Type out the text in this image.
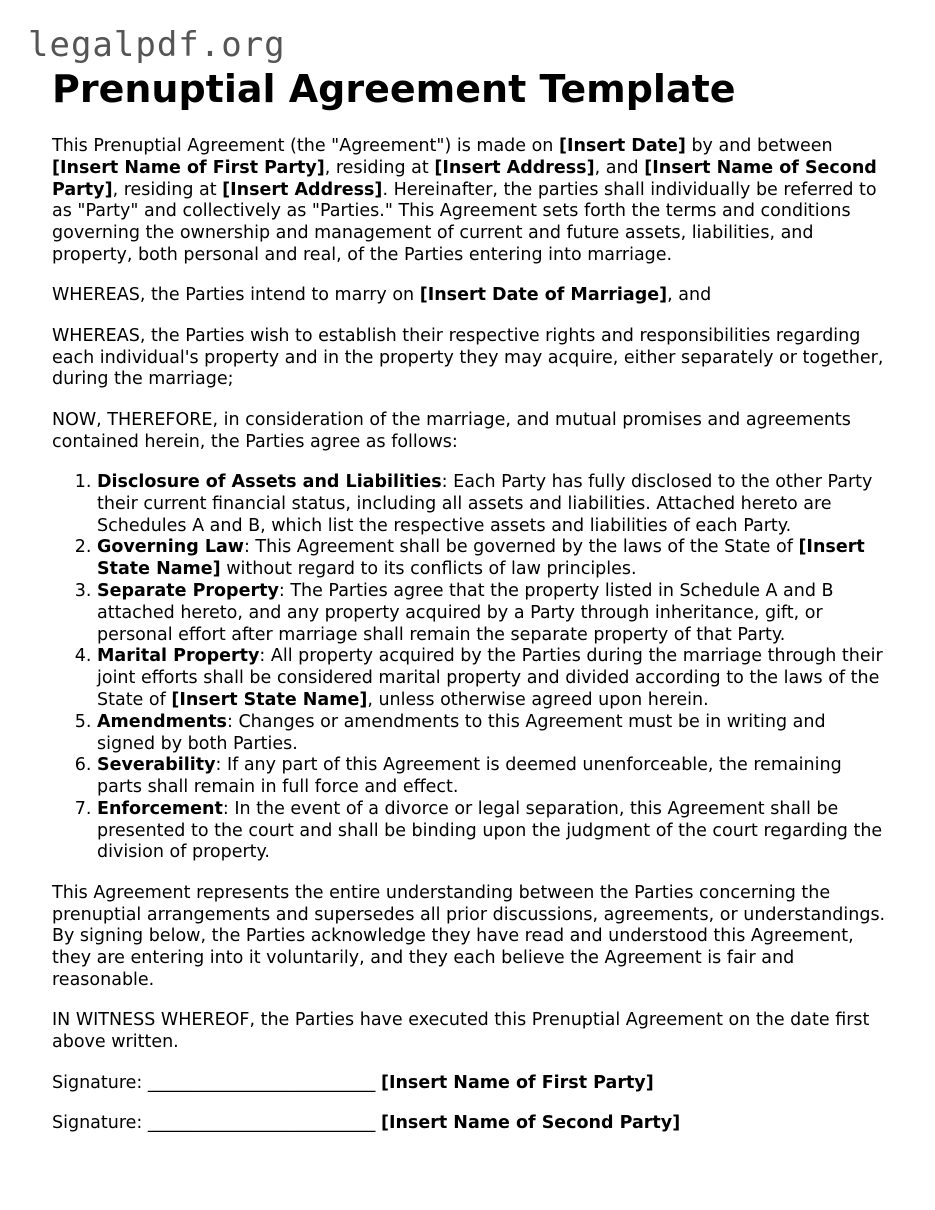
legalpdf.org
Prenuptial Agreement Template

This Prenuptial Agreement (the "Agreement") is made on [Insert Date] by and between [Insert Name of First Party], residing at [Insert Address], and [Insert Name of Second Party], residing at [Insert Address]. Hereinafter, the parties shall individually be referred to as "Party" and collectively as "Parties." This Agreement sets forth the terms and conditions governing the ownership and management of current and future assets, liabilities, and property, both personal and real, of the Parties entering into marriage.

WHEREAS, the Parties intend to marry on [Insert Date of Marriage], and

WHEREAS, the Parties wish to establish their respective rights and responsibilities regarding each individual's property and in the property they may acquire, either separately or together, during the marriage;

NOW, THEREFORE, in consideration of the marriage, and mutual promises and agreements contained herein, the Parties agree as follows:

1. Disclosure of Assets and Liabilities: Each Party has fully disclosed to the other Party their current financial status, including all assets and liabilities. Attached hereto are Schedules A and B, which list the respective assets and liabilities of each Party.
2. Governing Law: This Agreement shall be governed by the laws of the State of [Insert State Name] without regard to its conflicts of law principles.
3. Separate Property: The Parties agree that the property listed in Schedule A and B attached hereto, and any property acquired by a Party through inheritance, gift, or personal effort after marriage shall remain the separate property of that Party.
4. Marital Property: All property acquired by the Parties during the marriage through their joint efforts shall be considered marital property and divided according to the laws of the State of [Insert State Name], unless otherwise agreed upon herein.
5. Amendments: Changes or amendments to this Agreement must be in writing and signed by both Parties.
6. Severability: If any part of this Agreement is deemed unenforceable, the remaining parts shall remain in full force and effect.
7. Enforcement: In the event of a divorce or legal separation, this Agreement shall be presented to the court and shall be binding upon the judgment of the court regarding the division of property.

This Agreement represents the entire understanding between the Parties concerning the prenuptial arrangements and supersedes all prior discussions, agreements, or understandings. By signing below, the Parties acknowledge they have read and understood this Agreement, they are entering into it voluntarily, and they each believe the Agreement is fair and reasonable.

IN WITNESS WHEREOF, the Parties have executed this Prenuptial Agreement on the date first above written.

Signature: __________________________ [Insert Name of First Party]
Signature: __________________________ [Insert Name of Second Party]
